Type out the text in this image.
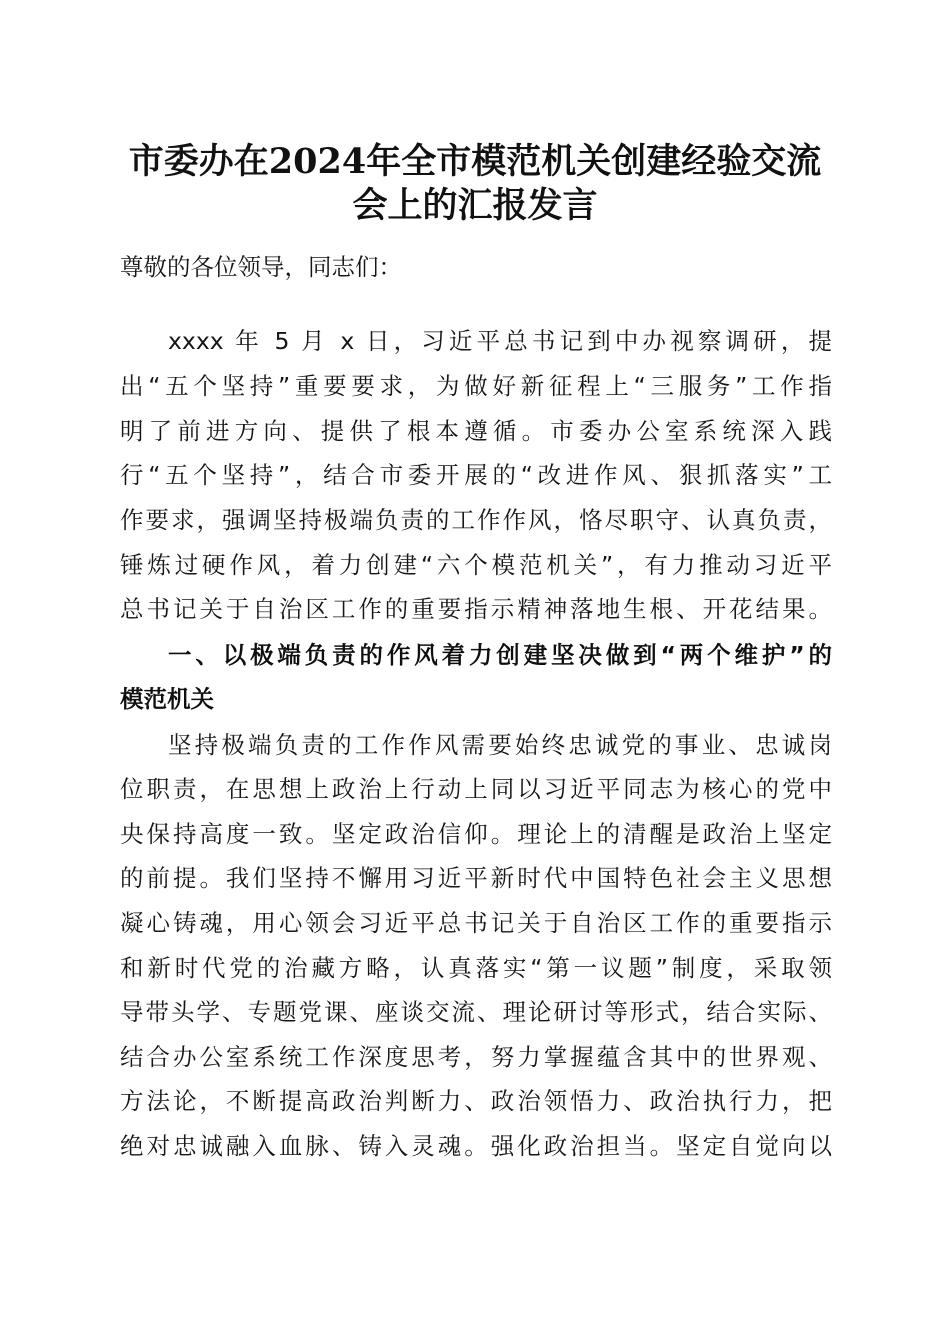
市委办在2024年全市模范机关创建经验交流
会上的汇报发言
尊敬的各位领导，同志们：
xxxx 年 5 月 x 日，习近平总书记到中办视察调研，提
出“五个坚持”重要要求，为做好新征程上“三服务”工作指
明了前进方向、提供了根本遵循。市委办公室系统深入践
行“五个坚持”，结合市委开展的“改进作风、狠抓落实”工
作要求，强调坚持极端负责的工作作风，恪尽职守、认真负责，
锤炼过硬作风，着力创建“六个模范机关”，有力推动习近平
总书记关于自治区工作的重要指示精神落地生根、开花结果。
一、以极端负责的作风着力创建坚决做到“两个维护”的
模范机关
坚持极端负责的工作作风需要始终忠诚党的事业、忠诚岗
位职责，在思想上政治上行动上同以习近平同志为核心的党中
央保持高度一致。坚定政治信仰。理论上的清醒是政治上坚定
的前提。我们坚持不懈用习近平新时代中国特色社会主义思想
凝心铸魂，用心领会习近平总书记关于自治区工作的重要指示
和新时代党的治藏方略，认真落实“第一议题”制度，采取领
导带头学、专题党课、座谈交流、理论研讨等形式，结合实际、
结合办公室系统工作深度思考，努力掌握蕴含其中的世界观、
方法论，不断提高政治判断力、政治领悟力、政治执行力，把
绝对忠诚融入血脉、铸入灵魂。强化政治担当。坚定自觉向以
